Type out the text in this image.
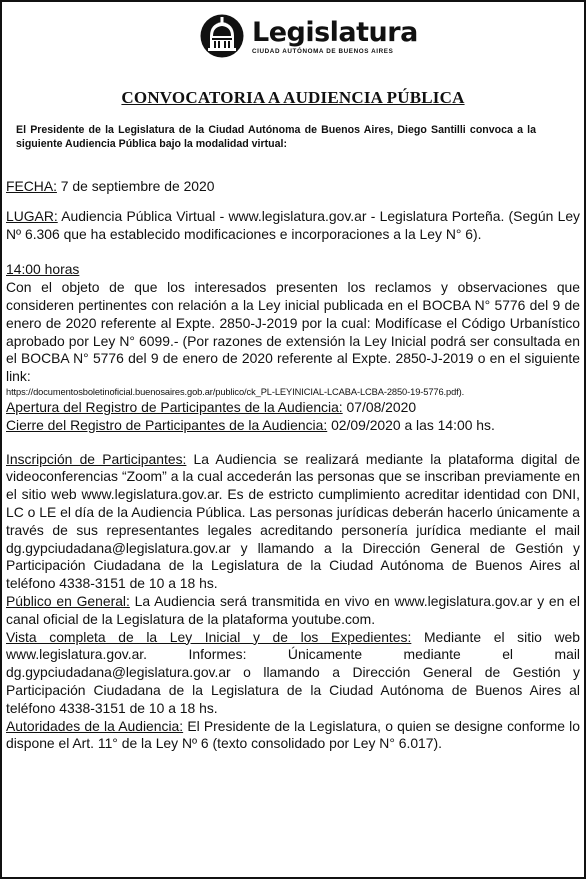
Legislatura
CIUDAD AUTÓNOMA DE BUENOS AIRES
CONVOCATORIA A AUDIENCIA PÚBLICA
El Presidente de la Legislatura de la Ciudad Autónoma de Buenos Aires, Diego Santilli convoca a la siguiente Audiencia Pública bajo la modalidad virtual:

FECHA: 7 de septiembre de 2020

LUGAR: Audiencia Pública Virtual - www.legislatura.gov.ar - Legislatura Porteña. (Según Ley Nº 6.306 que ha establecido modificaciones e incorporaciones a la Ley N° 6).

14:00 horas

Con el objeto de que los interesados presenten los reclamos y observaciones que consideren pertinentes con relación a la Ley inicial publicada en el BOCBA N° 5776 del 9 de enero de 2020 referente al Expte. 2850-J-2019 por la cual: Modifícase el Código Urbanístico aprobado por Ley N° 6099.- (Por razones de extensión la Ley Inicial podrá ser consultada en el BOCBA N° 5776 del 9 de enero de 2020 referente al Expte. 2850-J-2019 o en el siguiente link:

https://documentosboletinoficial.buenosaires.gob.ar/publico/ck_PL-LEYINICIAL-LCABA-LCBA-2850-19-5776.pdf).

Apertura del Registro de Participantes de la Audiencia: 07/08/2020

Cierre del Registro de Participantes de la Audiencia: 02/09/2020 a las 14:00 hs.

Inscripción de Participantes: La Audiencia se realizará mediante la plataforma digital de videoconferencias “Zoom” a la cual accederán las personas que se inscriban previamente en el sitio web www.legislatura.gov.ar. Es de estricto cumplimiento acreditar identidad con DNI, LC o LE el día de la Audiencia Pública. Las personas jurídicas deberán hacerlo únicamente a través de sus representantes legales acreditando personería jurídica mediante el mail dg.gypciudadana@legislatura.gov.ar y llamando a la Dirección General de Gestión y Participación Ciudadana de la Legislatura de la Ciudad Autónoma de Buenos Aires al teléfono 4338-3151 de 10 a 18 hs.

Público en General: La Audiencia será transmitida en vivo en www.legislatura.gov.ar y en el canal oficial de la Legislatura de la plataforma youtube.com.

Vista completa de la Ley Inicial y de los Expedientes: Mediante el sitio web www.legislatura.gov.ar. Informes: Únicamente mediante el mail dg.gypciudadana@legislatura.gov.ar o llamando a Dirección General de Gestión y Participación Ciudadana de la Legislatura de la Ciudad Autónoma de Buenos Aires al teléfono 4338-3151 de 10 a 18 hs.

Autoridades de la Audiencia: El Presidente de la Legislatura, o quien se designe conforme lo dispone el Art. 11° de la Ley Nº 6 (texto consolidado por Ley N° 6.017).
